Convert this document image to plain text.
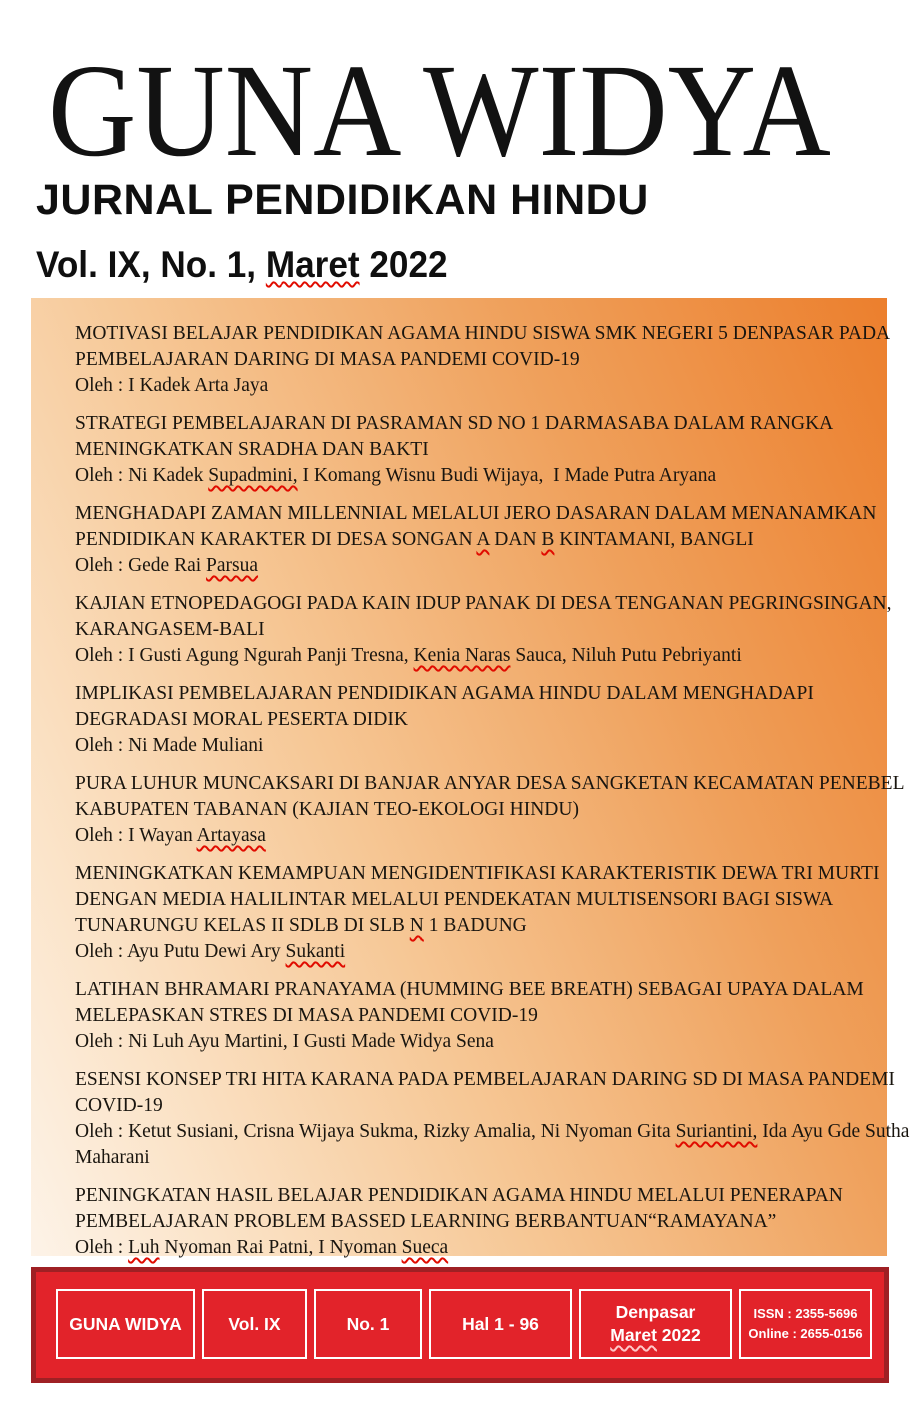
GUNA WIDYA
JURNAL PENDIDIKAN HINDU
Vol. IX, No. 1, Maret 2022
MOTIVASI BELAJAR PENDIDIKAN AGAMA HINDU SISWA SMK NEGERI 5 DENPASAR PADA
PEMBELAJARAN DARING DI MASA PANDEMI COVID-19
Oleh : I Kadek Arta Jaya
STRATEGI PEMBELAJARAN DI PASRAMAN SD NO 1 DARMASABA DALAM RANGKA
MENINGKATKAN SRADHA DAN BAKTI
Oleh : Ni Kadek Supadmini, I Komang Wisnu Budi Wijaya,  I Made Putra Aryana
MENGHADAPI ZAMAN MILLENNIAL MELALUI JERO DASARAN DALAM MENANAMKAN
PENDIDIKAN KARAKTER DI DESA SONGAN A DAN B KINTAMANI, BANGLI
Oleh : Gede Rai Parsua
KAJIAN ETNOPEDAGOGI PADA KAIN IDUP PANAK DI DESA TENGANAN PEGRINGSINGAN,
KARANGASEM-BALI
Oleh : I Gusti Agung Ngurah Panji Tresna, Kenia Naras Sauca, Niluh Putu Pebriyanti
IMPLIKASI PEMBELAJARAN PENDIDIKAN AGAMA HINDU DALAM MENGHADAPI
DEGRADASI MORAL PESERTA DIDIK
Oleh : Ni Made Muliani
PURA LUHUR MUNCAKSARI DI BANJAR ANYAR DESA SANGKETAN KECAMATAN PENEBEL
KABUPATEN TABANAN (KAJIAN TEO-EKOLOGI HINDU)
Oleh : I Wayan Artayasa
MENINGKATKAN KEMAMPUAN MENGIDENTIFIKASI KARAKTERISTIK DEWA TRI MURTI
DENGAN MEDIA HALILINTAR MELALUI PENDEKATAN MULTISENSORI BAGI SISWA
TUNARUNGU KELAS II SDLB DI SLB N 1 BADUNG
Oleh : Ayu Putu Dewi Ary Sukanti
LATIHAN BHRAMARI PRANAYAMA (HUMMING BEE BREATH) SEBAGAI UPAYA DALAM
MELEPASKAN STRES DI MASA PANDEMI COVID-19
Oleh : Ni Luh Ayu Martini, I Gusti Made Widya Sena
ESENSI KONSEP TRI HITA KARANA PADA PEMBELAJARAN DARING SD DI MASA PANDEMI
COVID-19
Oleh : Ketut Susiani, Crisna Wijaya Sukma, Rizky Amalia, Ni Nyoman Gita Suriantini, Ida Ayu Gde Sutha
Maharani
PENINGKATAN HASIL BELAJAR PENDIDIKAN AGAMA HINDU MELALUI PENERAPAN
PEMBELAJARAN PROBLEM BASSED LEARNING BERBANTUAN“RAMAYANA”
Oleh : Luh Nyoman Rai Patni, I Nyoman Sueca
GUNA WIDYA	Vol. IX	No. 1	Hal 1 - 96
Denpasar
Maret 2022
ISSN : 2355-5696
Online : 2655-0156
